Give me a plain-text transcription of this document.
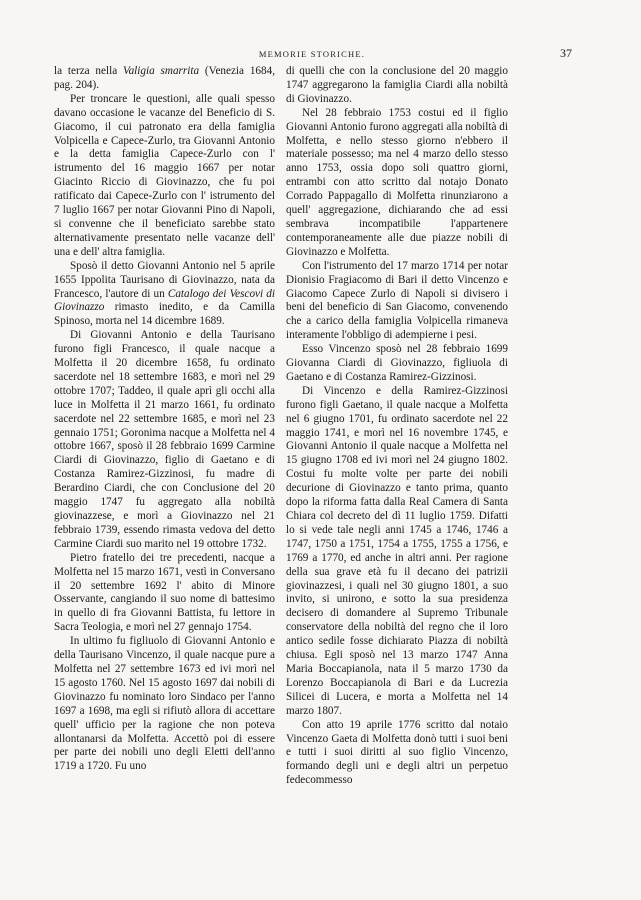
MEMORIE STORICHE.	37

la terza nella Valigia smarrita (Venezia 1684, pag. 204).

Per troncare le questioni, alle quali spesso davano occasione le vacanze del Beneficio di S. Giacomo, il cui patronato era della famiglia Volpicella e Capece-Zurlo, tra Giovanni Antonio e la detta famiglia Capece-Zurlo con l' istrumento del 16 maggio 1667 per notar Giacinto Riccio di Giovinazzo, che fu poi ratificato dai Capece-Zurlo con l' istrumento del 7 luglio 1667 per notar Giovanni Pino di Napoli, si convenne che il beneficiato sarebbe stato alternativamente presentato nelle vacanze dell' una e dell' altra famiglia.

Sposò il detto Giovanni Antonio nel 5 aprile 1655 Ippolita Taurisano di Giovinazzo, nata da Francesco, l'autore di un Catalogo dei Vescovi di Giovinazzo rimasto inedito, e da Camilla Spinoso, morta nel 14 dicembre 1689.

Di Giovanni Antonio e della Taurisano furono figli Francesco, il quale nacque a Molfetta il 20 dicembre 1658, fu ordinato sacerdote nel 18 settembre 1683, e morì nel 29 ottobre 1707; Taddeo, il quale aprì gli occhi alla luce in Molfetta il 21 marzo 1661, fu ordinato sacerdote nel 22 settembre 1685, e morì nel 23 gennaio 1751; Goronima nacque a Molfetta nel 4 ottobre 1667, sposò il 28 febbraio 1699 Carmine Ciardi di Giovinazzo, figlio di Gaetano e di Costanza Ramirez-Gizzinosi, fu madre di Berardino Ciardi, che con Conclusione del 20 maggio 1747 fu aggregato alla nobiltà giovinazzese, e morì a Giovinazzo nel 21 febbraio 1739, essendo rimasta vedova del detto Carmine Ciardi suo marito nel 19 ottobre 1732.

Pietro fratello dei tre precedenti, nacque a Molfetta nel 15 marzo 1671, vestì in Conversano il 20 settembre 1692 l' abito di Minore Osservante, cangiando il suo nome di battesimo in quello di fra Giovanni Battista, fu lettore in Sacra Teologia, e morì nel 27 gennajo 1754.

In ultimo fu figliuolo di Giovanni Antonio e della Taurisano Vincenzo, il quale nacque pure a Molfetta nel 27 settembre 1673 ed ivi morì nel 15 agosto 1760. Nel 15 agosto 1697 dai nobili di Giovinazzo fu nominato loro Sindaco per l'anno 1697 a 1698, ma egli si rifiutò allora di accettare quell' ufficio per la ragione che non poteva allontanarsi da Molfetta. Accettò poi di essere per parte dei nobili uno degli Eletti dell'anno 1719 a 1720. Fu uno

di quelli che con la conclusione del 20 maggio 1747 aggregarono la famiglia Ciardi alla nobiltà di Giovinazzo.

Nel 28 febbraio 1753 costui ed il figlio Giovanni Antonio furono aggregati alla nobiltà di Molfetta, e nello stesso giorno n'ebbero il materiale possesso; ma nel 4 marzo dello stesso anno 1753, ossia dopo soli quattro giorni, entrambi con atto scritto dal notajo Donato Corrado Pappagallo di Molfetta rinunziarono a quell' aggregazione, dichiarando che ad essi sembrava incompatibile l'appartenere contemporaneamente alle due piazze nobili di Giovinazzo e Molfetta.

Con l'istrumento del 17 marzo 1714 per notar Dionisio Fragiacomo di Bari il detto Vincenzo e Giacomo Capece Zurlo di Napoli si divisero i beni del beneficio di San Giacomo, convenendo che a carico della famiglia Volpicella rimaneva interamente l'obbligo di adempierne i pesi.

Esso Vincenzo sposò nel 28 febbraio 1699 Giovanna Ciardi di Giovinazzo, figliuola di Gaetano e di Costanza Ramirez-Gizzinosi.

Di Vincenzo e della Ramirez-Gizzinosi furono figli Gaetano, il quale nacque a Molfetta nel 6 giugno 1701, fu ordinato sacerdote nel 22 maggio 1741, e morì nel 16 novembre 1745, e Giovanni Antonio il quale nacque a Molfetta nel 15 giugno 1708 ed ivi morì nel 24 giugno 1802. Costui fu molte volte per parte dei nobili decurione di Giovinazzo e tanto prima, quanto dopo la riforma fatta dalla Real Camera di Santa Chiara col decreto del dì 11 luglio 1759. Difatti lo si vede tale negli anni 1745 a 1746, 1746 a 1747, 1750 a 1751, 1754 a 1755, 1755 a 1756, e 1769 a 1770, ed anche in altri anni. Per ragione della sua grave età fu il decano dei patrizii giovinazzesi, i quali nel 30 giugno 1801, a suo invito, si unirono, e sotto la sua presidenza decisero di domandere al Supremo Tribunale conservatore della nobiltà del regno che il loro antico sedile fosse dichiarato Piazza di nobiltà chiusa. Egli sposò nel 13 marzo 1747 Anna Maria Boccapianola, nata il 5 marzo 1730 da Lorenzo Boccapianola di Bari e da Lucrezia Silicei di Lucera, e morta a Molfetta nel 14 marzo 1807.

Con atto 19 aprile 1776 scritto dal notaio Vincenzo Gaeta di Molfetta donò tutti i suoi beni e tutti i suoi diritti al suo figlio Vincenzo, formando degli uni e degli altri un perpetuo fedecommesso
